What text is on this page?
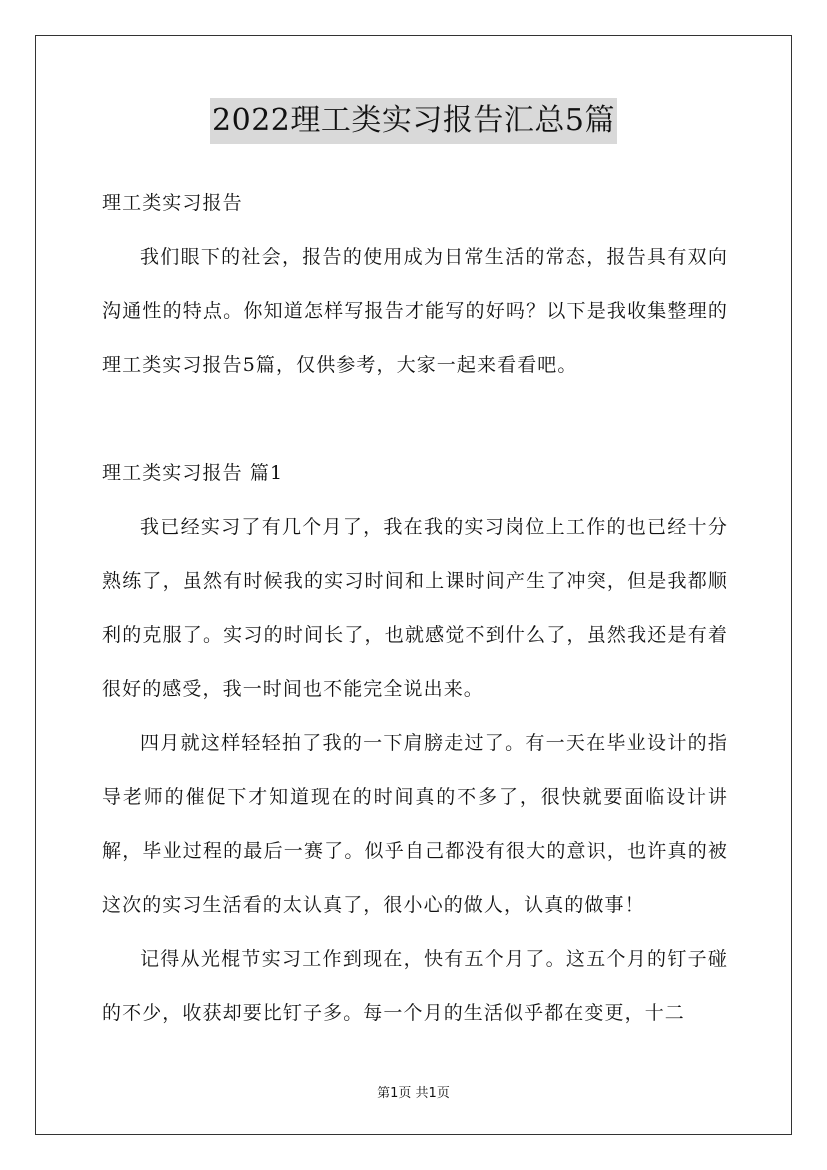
2022理工类实习报告汇总5篇

理工类实习报告

我们眼下的社会，报告的使用成为日常生活的常态，报告具有双向沟通性的特点。你知道怎样写报告才能写的好吗？以下是我收集整理的理工类实习报告5篇，仅供参考，大家一起来看看吧。

理工类实习报告 篇1

我已经实习了有几个月了，我在我的实习岗位上工作的也已经十分熟练了，虽然有时候我的实习时间和上课时间产生了冲突，但是我都顺利的克服了。实习的时间长了，也就感觉不到什么了，虽然我还是有着很好的感受，我一时间也不能完全说出来。

四月就这样轻轻拍了我的一下肩膀走过了。有一天在毕业设计的指导老师的催促下才知道现在的时间真的不多了，很快就要面临设计讲解，毕业过程的最后一赛了。似乎自己都没有很大的意识，也许真的被这次的实习生活看的太认真了，很小心的做人，认真的做事！

记得从光棍节实习工作到现在，快有五个月了。这五个月的钉子碰的不少，收获却要比钉子多。每一个月的生活似乎都在变更，十二

第1页 共1页
